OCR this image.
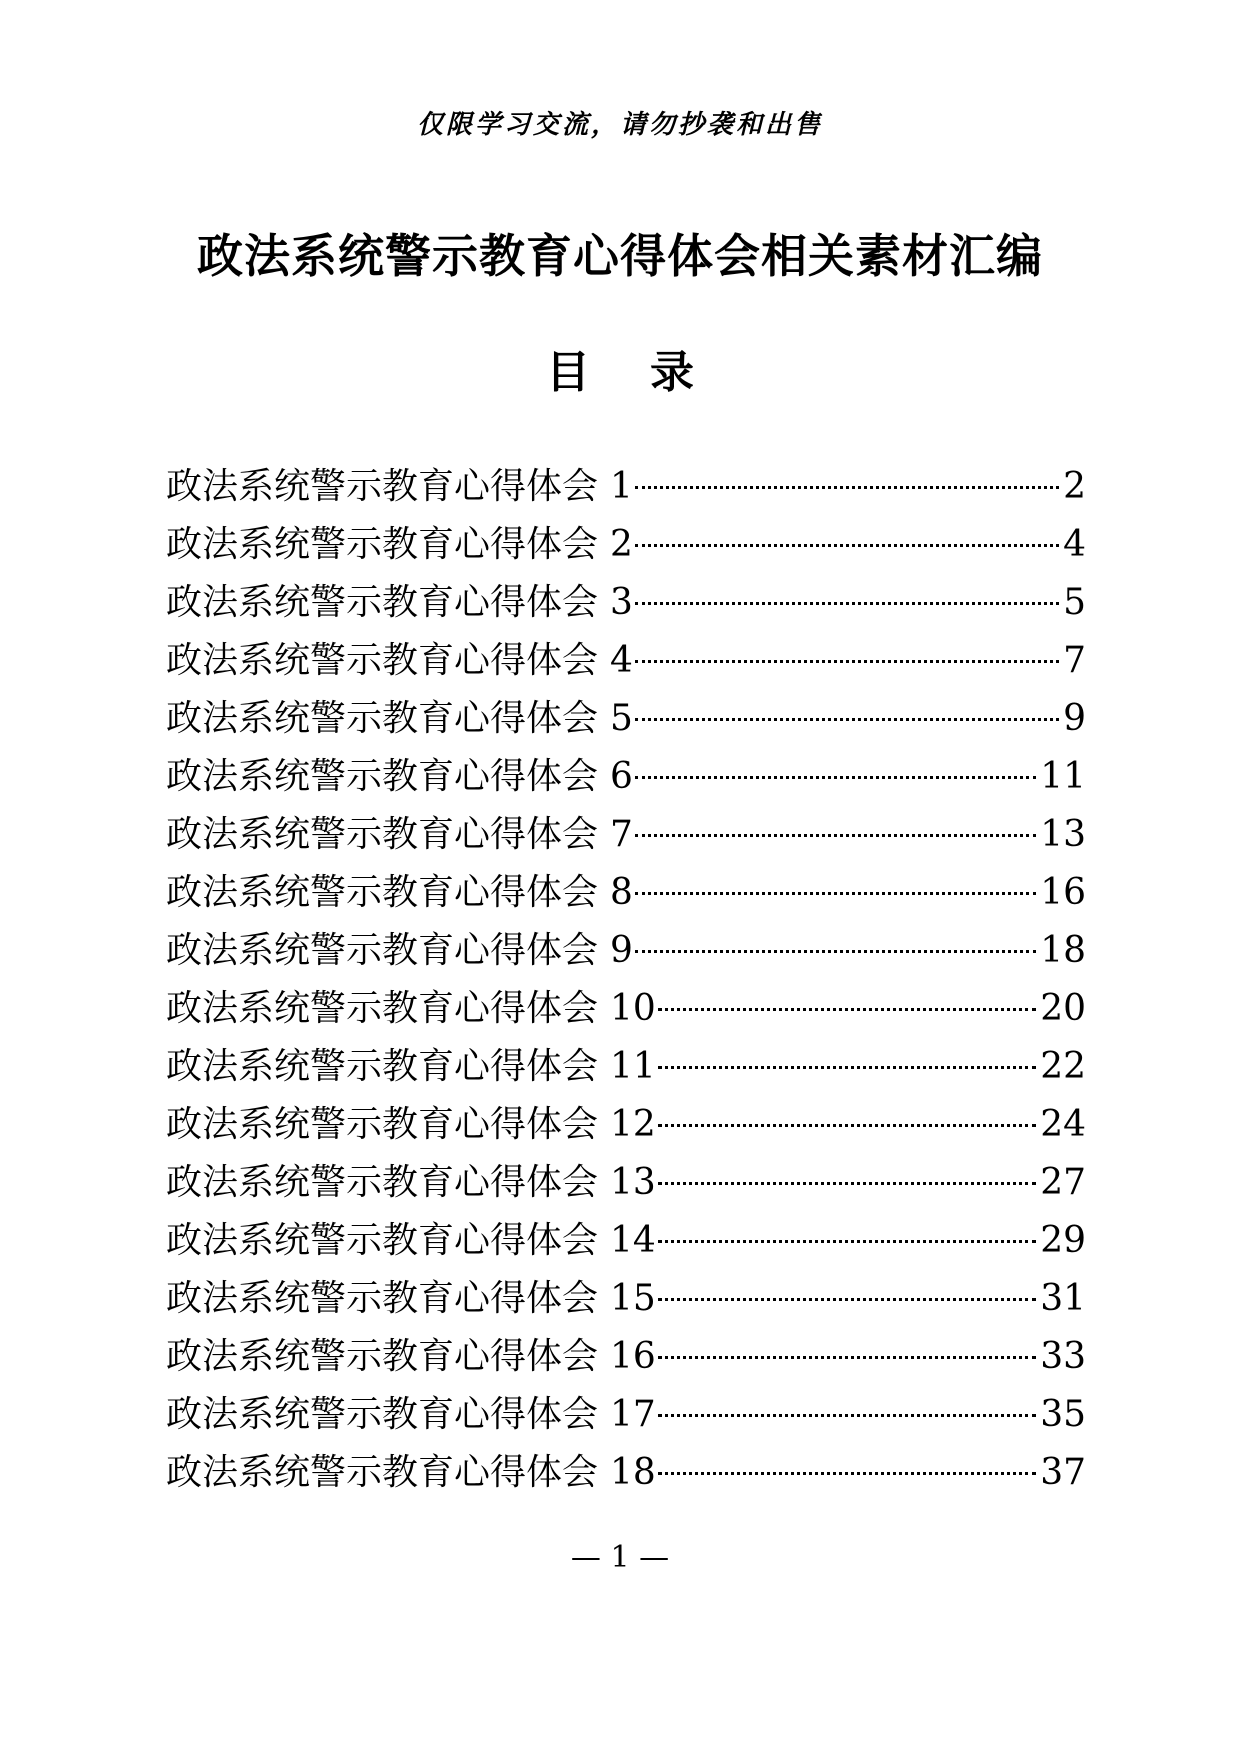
仅限学习交流，请勿抄袭和出售
政法系统警示教育心得体会相关素材汇编
目 录
政法系统警示教育心得体会 1	2
政法系统警示教育心得体会 2	4
政法系统警示教育心得体会 3	5
政法系统警示教育心得体会 4	7
政法系统警示教育心得体会 5	9
政法系统警示教育心得体会 6	11
政法系统警示教育心得体会 7	13
政法系统警示教育心得体会 8	16
政法系统警示教育心得体会 9	18
政法系统警示教育心得体会 10	20
政法系统警示教育心得体会 11	22
政法系统警示教育心得体会 12	24
政法系统警示教育心得体会 13	27
政法系统警示教育心得体会 14	29
政法系统警示教育心得体会 15	31
政法系统警示教育心得体会 16	33
政法系统警示教育心得体会 17	35
政法系统警示教育心得体会 18	37
— 1 —
